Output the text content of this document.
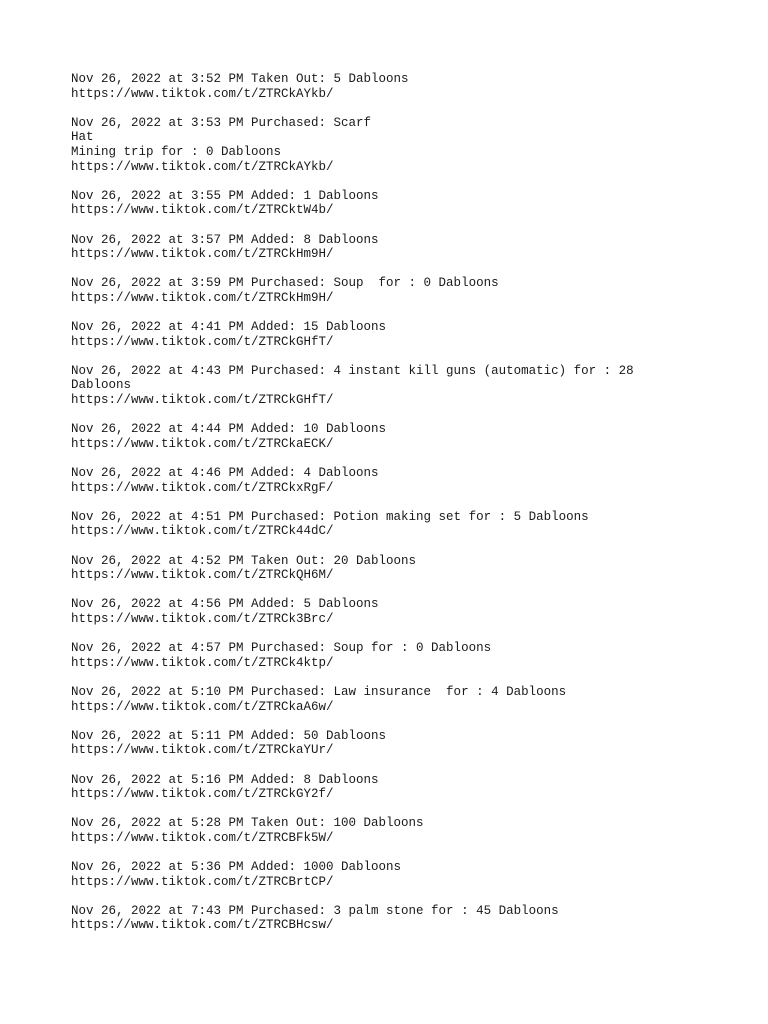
Nov 26, 2022 at 3:52 PM Taken Out: 5 Dabloons
https://www.tiktok.com/t/ZTRCkAYkb/
Nov 26, 2022 at 3:53 PM Purchased: Scarf
Hat
Mining trip for : 0 Dabloons
https://www.tiktok.com/t/ZTRCkAYkb/
Nov 26, 2022 at 3:55 PM Added: 1 Dabloons
https://www.tiktok.com/t/ZTRCktW4b/
Nov 26, 2022 at 3:57 PM Added: 8 Dabloons
https://www.tiktok.com/t/ZTRCkHm9H/
Nov 26, 2022 at 3:59 PM Purchased: Soup  for : 0 Dabloons
https://www.tiktok.com/t/ZTRCkHm9H/
Nov 26, 2022 at 4:41 PM Added: 15 Dabloons
https://www.tiktok.com/t/ZTRCkGHfT/
Nov 26, 2022 at 4:43 PM Purchased: 4 instant kill guns (automatic) for : 28
Dabloons
https://www.tiktok.com/t/ZTRCkGHfT/
Nov 26, 2022 at 4:44 PM Added: 10 Dabloons
https://www.tiktok.com/t/ZTRCkaECK/
Nov 26, 2022 at 4:46 PM Added: 4 Dabloons
https://www.tiktok.com/t/ZTRCkxRgF/
Nov 26, 2022 at 4:51 PM Purchased: Potion making set for : 5 Dabloons
https://www.tiktok.com/t/ZTRCk44dC/
Nov 26, 2022 at 4:52 PM Taken Out: 20 Dabloons
https://www.tiktok.com/t/ZTRCkQH6M/
Nov 26, 2022 at 4:56 PM Added: 5 Dabloons
https://www.tiktok.com/t/ZTRCk3Brc/
Nov 26, 2022 at 4:57 PM Purchased: Soup for : 0 Dabloons
https://www.tiktok.com/t/ZTRCk4ktp/
Nov 26, 2022 at 5:10 PM Purchased: Law insurance  for : 4 Dabloons
https://www.tiktok.com/t/ZTRCkaA6w/
Nov 26, 2022 at 5:11 PM Added: 50 Dabloons
https://www.tiktok.com/t/ZTRCkaYUr/
Nov 26, 2022 at 5:16 PM Added: 8 Dabloons
https://www.tiktok.com/t/ZTRCkGY2f/
Nov 26, 2022 at 5:28 PM Taken Out: 100 Dabloons
https://www.tiktok.com/t/ZTRCBFk5W/
Nov 26, 2022 at 5:36 PM Added: 1000 Dabloons
https://www.tiktok.com/t/ZTRCBrtCP/
Nov 26, 2022 at 7:43 PM Purchased: 3 palm stone for : 45 Dabloons
https://www.tiktok.com/t/ZTRCBHcsw/
